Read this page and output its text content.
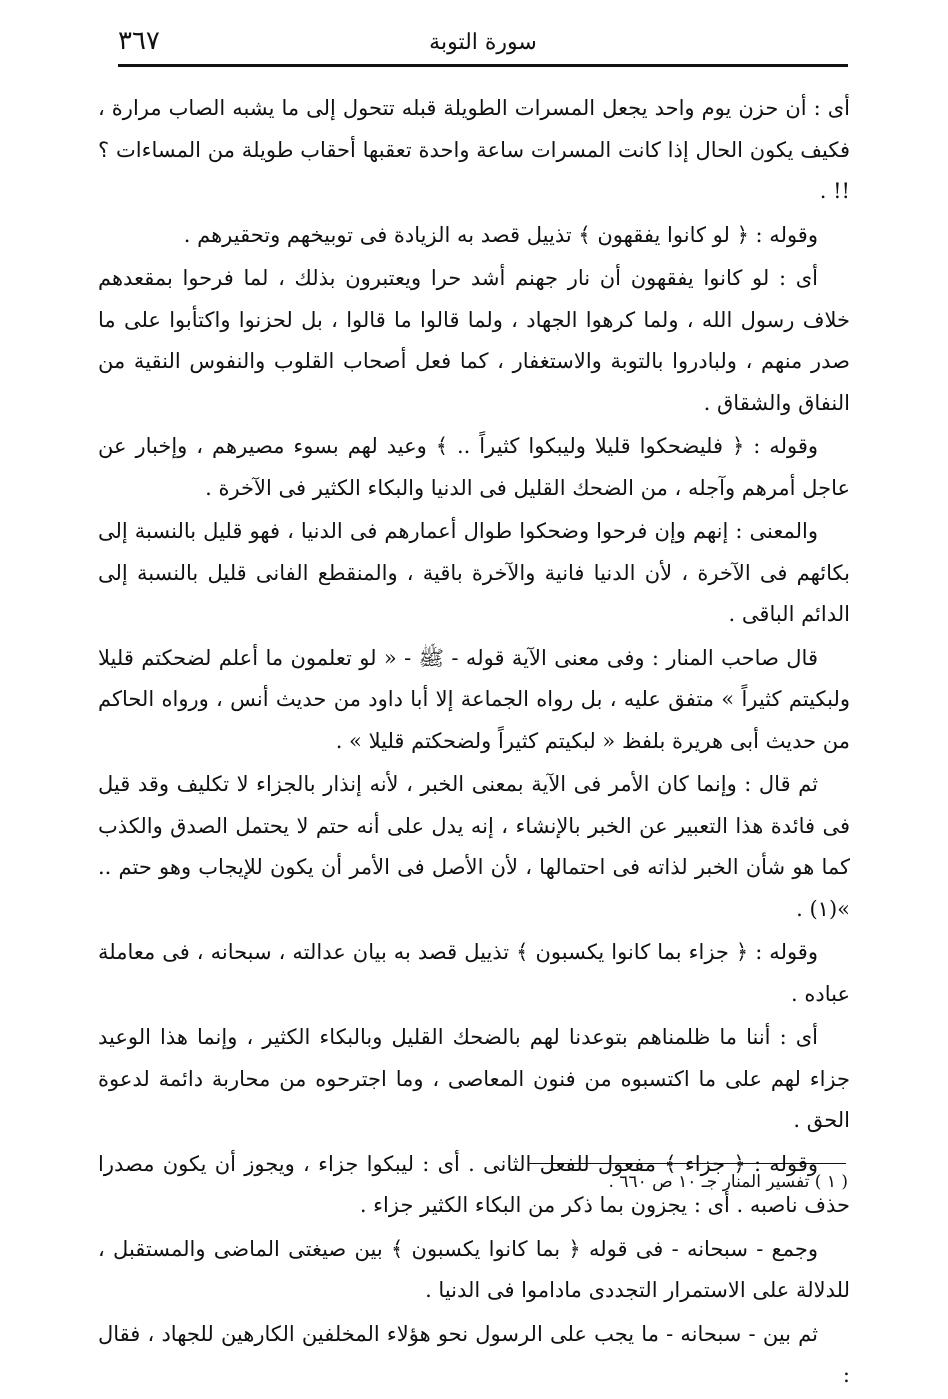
٣٦٧	سورة التوبة

أى : أن حزن يوم واحد يجعل المسرات الطويلة قبله تتحول إلى ما يشبه الصاب مرارة ، فكيف يكون الحال إذا كانت المسرات ساعة واحدة تعقبها أحقاب طويلة من المساءات ؟ !! .

وقوله : ﴿ لو كانوا يفقهون ﴾ تذييل قصد به الزيادة فى توبيخهم وتحقيرهم .

أى : لو كانوا يفقهون أن نار جهنم أشد حرا ويعتبرون بذلك ، لما فرحوا بمقعدهم خلاف رسول الله ، ولما كرهوا الجهاد ، ولما قالوا ما قالوا ، بل لحزنوا واكتأبوا على ما صدر منهم ، ولبادروا بالتوبة والاستغفار ، كما فعل أصحاب القلوب والنفوس النقية من النفاق والشقاق .

وقوله : ﴿ فليضحكوا قليلا وليبكوا كثيراً .. ﴾ وعيد لهم بسوء مصيرهم ، وإخبار عن عاجل أمرهم وآجله ، من الضحك القليل فى الدنيا والبكاء الكثير فى الآخرة .

والمعنى : إنهم وإن فرحوا وضحكوا طوال أعمارهم فى الدنيا ، فهو قليل بالنسبة إلى بكائهم فى الآخرة ، لأن الدنيا فانية والآخرة باقية ، والمنقطع الفانى قليل بالنسبة إلى الدائم الباقى .

قال صاحب المنار : وفى معنى الآية قوله - ﷺ - « لو تعلمون ما أعلم لضحكتم قليلا ولبكيتم كثيراً » متفق عليه ، بل رواه الجماعة إلا أبا داود من حديث أنس ، ورواه الحاكم من حديث أبى هريرة بلفظ « لبكيتم كثيراً ولضحكتم قليلا » .

ثم قال : وإنما كان الأمر فى الآية بمعنى الخبر ، لأنه إنذار بالجزاء لا تكليف وقد قيل فى فائدة هذا التعبير عن الخبر بالإنشاء ، إنه يدل على أنه حتم لا يحتمل الصدق والكذب كما هو شأن الخبر لذاته فى احتمالها ، لأن الأصل فى الأمر أن يكون للإيجاب وهو حتم .. »(١) .

وقوله : ﴿ جزاء بما كانوا يكسبون ﴾ تذييل قصد به بيان عدالته ، سبحانه ، فى معاملة عباده .

أى : أننا ما ظلمناهم بتوعدنا لهم بالضحك القليل وبالبكاء الكثير ، وإنما هذا الوعيد جزاء لهم على ما اكتسبوه من فنون المعاصى ، وما اجترحوه من محاربة دائمة لدعوة الحق .

وقوله : ﴿ جزاء ﴾ مفعول للفعل الثانى . أى : ليبكوا جزاء ، ويجوز أن يكون مصدرا حذف ناصبه . أى : يجزون بما ذكر من البكاء الكثير جزاء .

وجمع - سبحانه - فى قوله ﴿ بما كانوا يكسبون ﴾ بين صيغتى الماضى والمستقبل ، للدلالة على الاستمرار التجددى ماداموا فى الدنيا .

ثم بين - سبحانه - ما يجب على الرسول نحو هؤلاء المخلفين الكارهين للجهاد ، فقال :

( ١ ) تفسير المنار جـ ١٠ ص ٦٦٠ .
